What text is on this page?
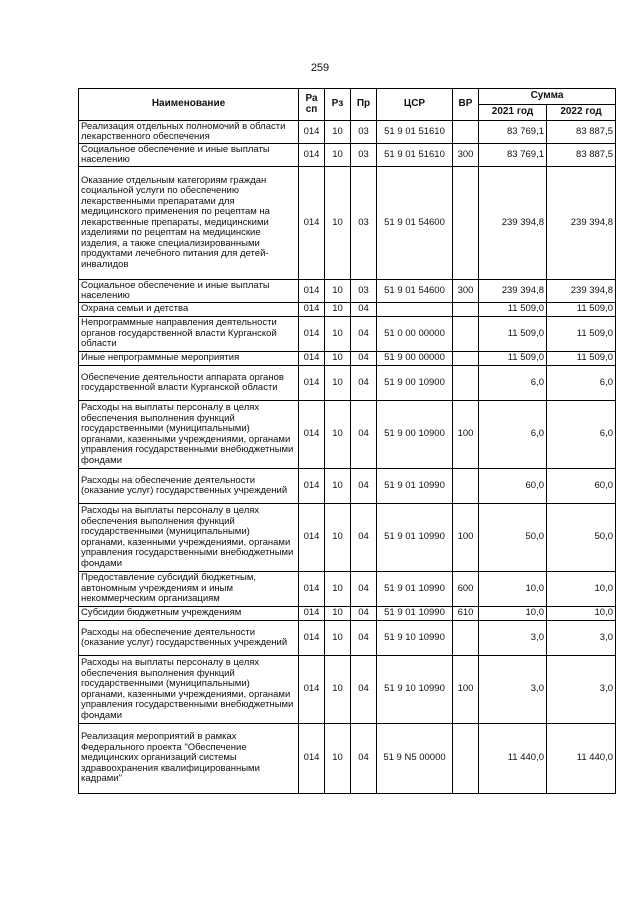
259
Наименование	Ра сп	Рз	Пр	ЦСР	ВР	Сумма	
						2021 год	2022 год
Реализация отдельных полномочий в области лекарственного обеспечения	014	10	03	51 9 01 51610		83 769,1	83 887,5
Социальное обеспечение и иные выплаты населению	014	10	03	51 9 01 51610	300	83 769,1	83 887,5
Оказание отдельным категориям граждан социальной услуги по обеспечению лекарственными препаратами для медицинского применения по рецептам на лекарственные препараты, медицинскими изделиями по рецептам на медицинские изделия, а также специализированными продуктами лечебного питания для детей-инвалидов	014	10	03	51 9 01 54600		239 394,8	239 394,8
Социальное обеспечение и иные выплаты населению	014	10	03	51 9 01 54600	300	239 394,8	239 394,8
Охрана семьи и детства	014	10	04			11 509,0	11 509,0
Непрограммные направления деятельности органов государственной власти Курганской области	014	10	04	51 0 00 00000		11 509,0	11 509,0
Иные непрограммные мероприятия	014	10	04	51 9 00 00000		11 509,0	11 509,0
Обеспечение деятельности аппарата органов государственной власти Курганской области	014	10	04	51 9 00 10900		6,0	6,0
Расходы на выплаты персоналу в целях обеспечения выполнения функций государственными (муниципальными) органами, казенными учреждениями, органами управления государственными внебюджетными фондами	014	10	04	51 9 00 10900	100	6,0	6,0
Расходы на обеспечение деятельности (оказание услуг) государственных учреждений	014	10	04	51 9 01 10990		60,0	60,0
Расходы на выплаты персоналу в целях обеспечения выполнения функций государственными (муниципальными) органами, казенными учреждениями, органами управления государственными внебюджетными фондами	014	10	04	51 9 01 10990	100	50,0	50,0
Предоставление субсидий бюджетным, автономным учреждениям и иным некоммерческим организациям	014	10	04	51 9 01 10990	600	10,0	10,0
Субсидии бюджетным учреждениям	014	10	04	51 9 01 10990	610	10,0	10,0
Расходы на обеспечение деятельности (оказание услуг) государственных учреждений	014	10	04	51 9 10 10990		3,0	3,0
Расходы на выплаты персоналу в целях обеспечения выполнения функций государственными (муниципальными) органами, казенными учреждениями, органами управления государственными внебюджетными фондами	014	10	04	51 9 10 10990	100	3,0	3,0
Реализация мероприятий в рамках Федерального проекта "Обеспечение медицинских организаций системы здравоохранения квалифицированными кадрами"	014	10	04	51 9 N5 00000		11 440,0	11 440,0
